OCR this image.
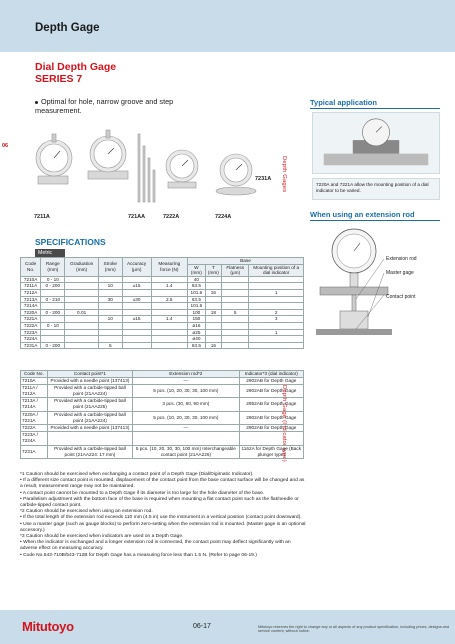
Depth Gage
Dial Depth Gage
SERIES 7
Optimal for hole, narrow groove and step measurement.
06
Depth Gages
Depth Gage (Indicator type)
7211A	721AA	7222A	7224A
7231A
Typical application
7220A and 7221A allow the mounting position of a dial indicator to be varied.
When using an extension rod
Extension rod
Master gage
Contact point
SPECIFICATIONS
Metric
Code No.	Range (mm)	Graduation (mm)	Stroke (mm)	Accuracy (μm)	Measuring force (N)	Base			
						W (mm)	T (mm)	Flatness (μm)	Mounting position of a dial indicator
7210A	0 - 10					40			
7211A	0 - 200		10	±15	1.4	63.5			
7212A						101.6	16		1
7213A	0 - 210		30	±30	2.5	63.5			
7214A						101.6			
7220A	0 - 200	0.01				100	18	5	2
7221A			10	±15	1.4	150			3
7222A	0 - 10					ø16			
7223A						ø25			1
7224A						ø40			
7231A	0 - 200		5			63.5	16		
Code No.	Contact point*1	Extension rod*2	Indicator*3 (dial indicator)
7210A	Provided with a needle point (137413)	—	2902AB for Depth Gage
7211A / 7212A	Provided with a carbide-tipped ball point (21AA224)	5 pcs. (10, 20, 30, 30, 100 mm)	2902AB for Depth Gage
7213A / 7214A	Provided with a carbide-tipped ball point (21AA225)	3 pcs. (30, 60, 90 mm)	2952AB for Depth Gage
7220A / 7221A	Provided with a carbide-tipped ball point (21AA224)	5 pcs. (10, 20, 30, 30, 100 mm)	2902AB for Depth Gage
7222A	Provided with a needle point (137413)	—	2902AB for Depth Gage
7223A / 7224A			
7231A	Provided with a carbide-tipped ball point (21AA224: 17 mm)	5 pcs. (10, 20, 30, 30, 100 mm) Interchangeable contact point (21AA226)	1162A for Depth Gage (Back plunger type)

*1 Caution should be exercised when exchanging a contact point of a Depth Gage (Dial/Digimatic Indicator).

• If a different size contact point is mounted, displacement of the contact point from the base contact surface will be changed and as a result, measurement range may not be maintained.

• A contact point cannot be mounted to a Depth Gage if its diameter is too large for the hole diameter of the base.

• Parallelism adjustment with the bottom face of the base is required when mounting a flat contact point such as the flat/needle or carbide-tipped contact point.

*2 Caution should be exercised when using an extension rod.

• If the total length of the extension rod exceeds 110 mm (4.5 in) use the instrument in a vertical position (contact point downward).

• Use a master gage (such as gauge blocks) to perform zero-setting when the extension rod is mounted. (Master gage is an optional accessory.)

*3 Caution should be exercised when indicators are used on a Depth Gage.

• When the indicator is exchanged and a longer extension rod is connected, the contact point may deflect significantly with an adverse effect on measuring accuracy.

• Code No.543-710B/543-712B for Depth Gage has a measuring force less than 1.5 N. (Refer to page 06-19.)

Mitutoyo	06-17	Mitutoyo reserves the right to change any or all aspects of any product specification, including prices, designs and service content, without notice.
